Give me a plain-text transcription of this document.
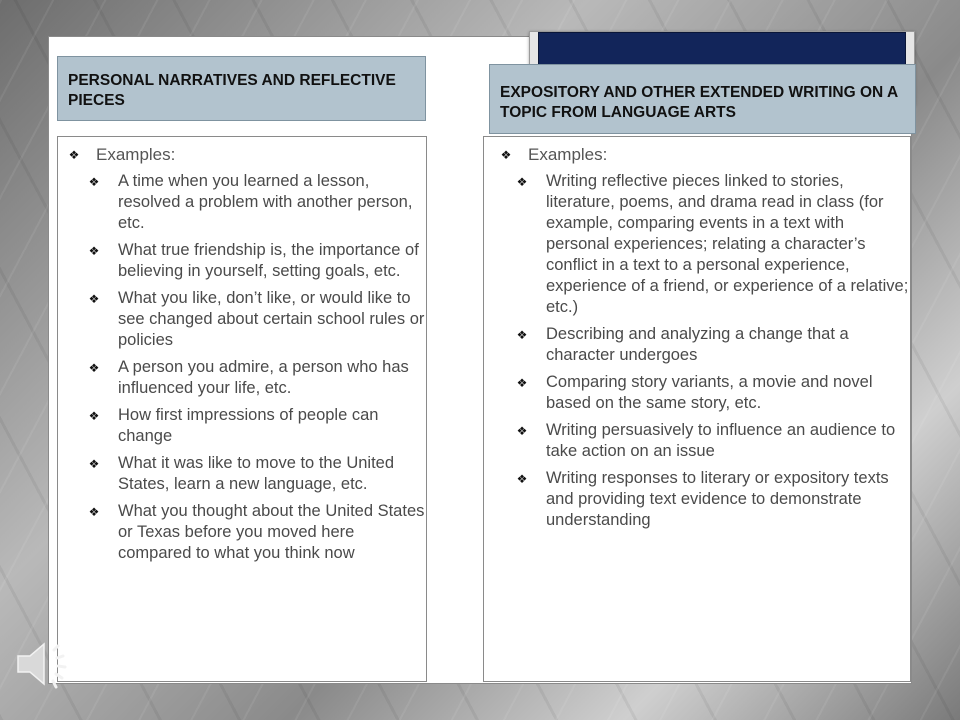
PERSONAL NARRATIVES AND REFLECTIVE PIECES	EXPOSITORY AND OTHER EXTENDED WRITING ON A TOPIC FROM LANGUAGE ARTS
❖ Examples:
❖ A time when you learned a lesson, resolved a problem with another person, etc.
❖ What true friendship is, the importance of believing in yourself, setting goals, etc.
❖ What you like, don’t like, or would like to see changed about certain school rules or policies
❖ A person you admire, a person who has influenced your life, etc.
❖ How first impressions of people can change
❖ What it was like to move to the United States, learn a new language, etc.
❖ What you thought about the United States or Texas before you moved here compared to what you think now
❖ Examples:
❖ Writing reflective pieces linked to stories, literature, poems, and drama read in class (for example, comparing events in a text with personal experiences; relating a character’s conflict in a text to a personal experience, experience of a friend, or experience of a relative; etc.)
❖ Describing and analyzing a change that a character undergoes
❖ Comparing story variants, a movie and novel based on the same story, etc.
❖ Writing persuasively to influence an audience to take action on an issue
❖ Writing responses to literary or expository texts and providing text evidence to demonstrate understanding
